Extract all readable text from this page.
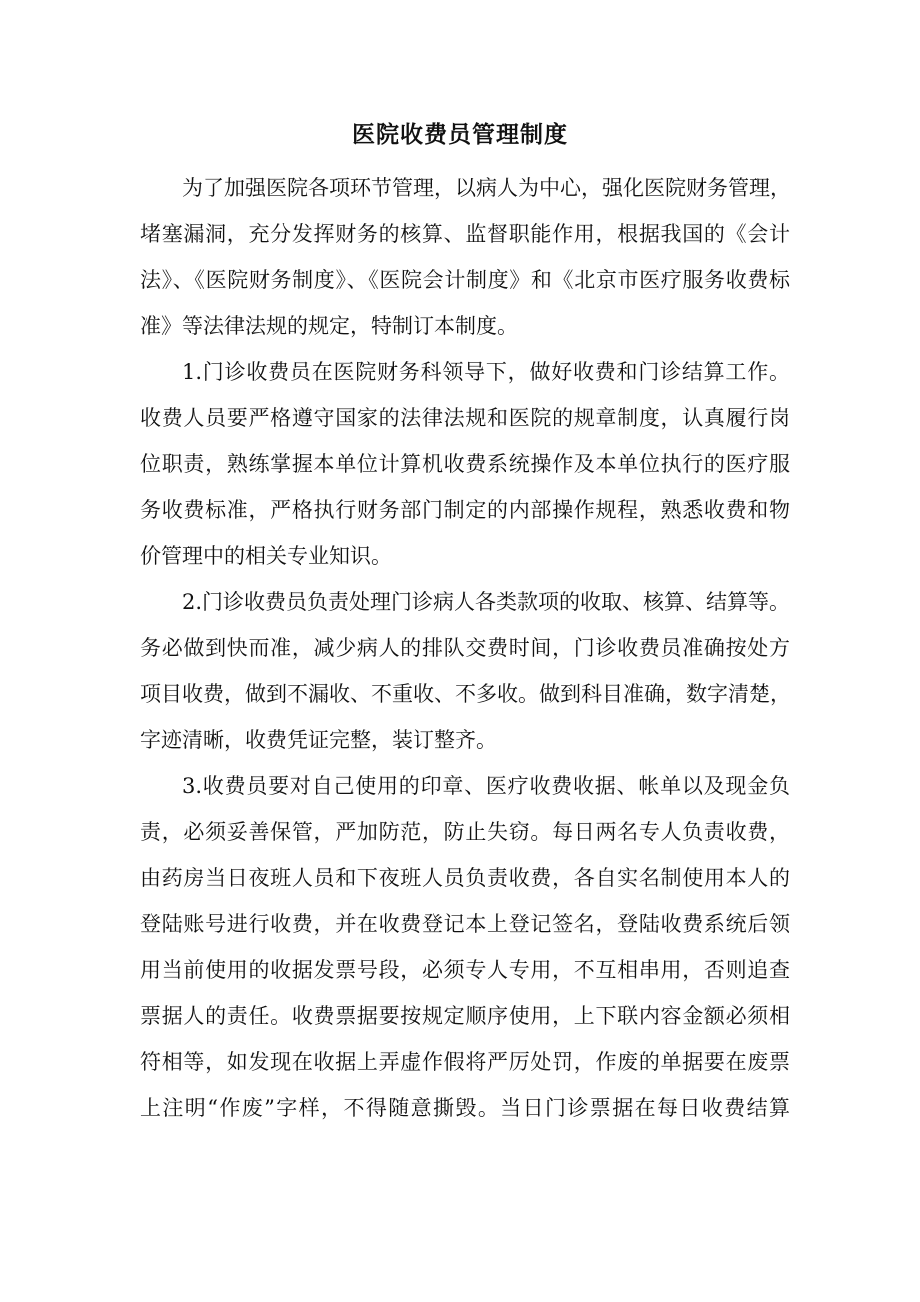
医院收费员管理制度
为了加强医院各项环节管理，以病人为中心，强化医院财务管理，
堵塞漏洞，充分发挥财务的核算、监督职能作用，根据我国的《会计
法》、《医院财务制度》、《医院会计制度》和《北京市医疗服务收费标
准》等法律法规的规定，特制订本制度。
1.门诊收费员在医院财务科领导下，做好收费和门诊结算工作。
收费人员要严格遵守国家的法律法规和医院的规章制度，认真履行岗
位职责，熟练掌握本单位计算机收费系统操作及本单位执行的医疗服
务收费标准，严格执行财务部门制定的内部操作规程，熟悉收费和物
价管理中的相关专业知识。
2.门诊收费员负责处理门诊病人各类款项的收取、核算、结算等。
务必做到快而准，减少病人的排队交费时间，门诊收费员准确按处方
项目收费，做到不漏收、不重收、不多收。做到科目准确，数字清楚，
字迹清晰，收费凭证完整，装订整齐。
3.收费员要对自己使用的印章、医疗收费收据、帐单以及现金负
责，必须妥善保管，严加防范，防止失窃。每日两名专人负责收费，
由药房当日夜班人员和下夜班人员负责收费，各自实名制使用本人的
登陆账号进行收费，并在收费登记本上登记签名，登陆收费系统后领
用当前使用的收据发票号段，必须专人专用，不互相串用，否则追查
票据人的责任。收费票据要按规定顺序使用，上下联内容金额必须相
符相等，如发现在收据上弄虚作假将严厉处罚，作废的单据要在废票
上注明“作废”字样，不得随意撕毁。当日门诊票据在每日收费结算
